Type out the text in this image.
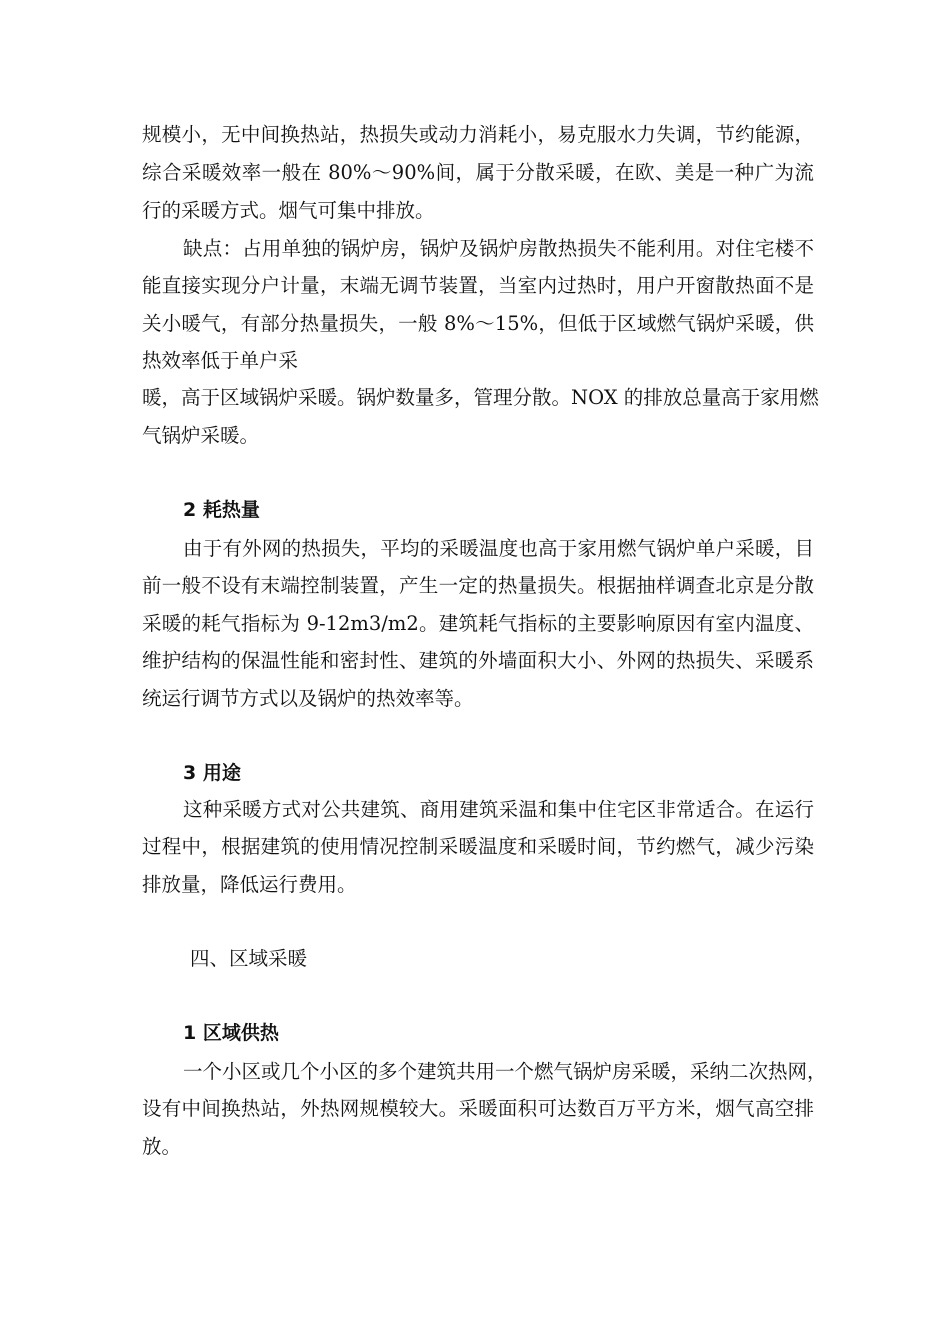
规模小，无中间换热站，热损失或动力消耗小，易克服水力失调，节约能源，
综合采暖效率一般在 80%～90%间，属于分散采暖，在欧、美是一种广为流
行的采暖方式。烟气可集中排放。
缺点：占用单独的锅炉房，锅炉及锅炉房散热损失不能利用。对住宅楼不
能直接实现分户计量，末端无调节装置，当室内过热时，用户开窗散热面不是
关小暖气，有部分热量损失，一般 8%～15%，但低于区域燃气锅炉采暖，供
热效率低于单户采
暖，高于区域锅炉采暖。锅炉数量多，管理分散。NOX 的排放总量高于家用燃
气锅炉采暖。
2 耗热量
由于有外网的热损失，平均的采暖温度也高于家用燃气锅炉单户采暖，目
前一般不设有末端控制装置，产生一定的热量损失。根据抽样调查北京是分散
采暖的耗气指标为 9-12m3/m2。建筑耗气指标的主要影响原因有室内温度、
维护结构的保温性能和密封性、建筑的外墙面积大小、外网的热损失、采暖系
统运行调节方式以及锅炉的热效率等。
3 用途
这种采暖方式对公共建筑、商用建筑采温和集中住宅区非常适合。在运行
过程中，根据建筑的使用情况控制采暖温度和采暖时间，节约燃气，减少污染
排放量，降低运行费用。
四、区域采暖
1 区域供热
一个小区或几个小区的多个建筑共用一个燃气锅炉房采暖，采纳二次热网，
设有中间换热站，外热网规模较大。采暖面积可达数百万平方米，烟气高空排
放。
